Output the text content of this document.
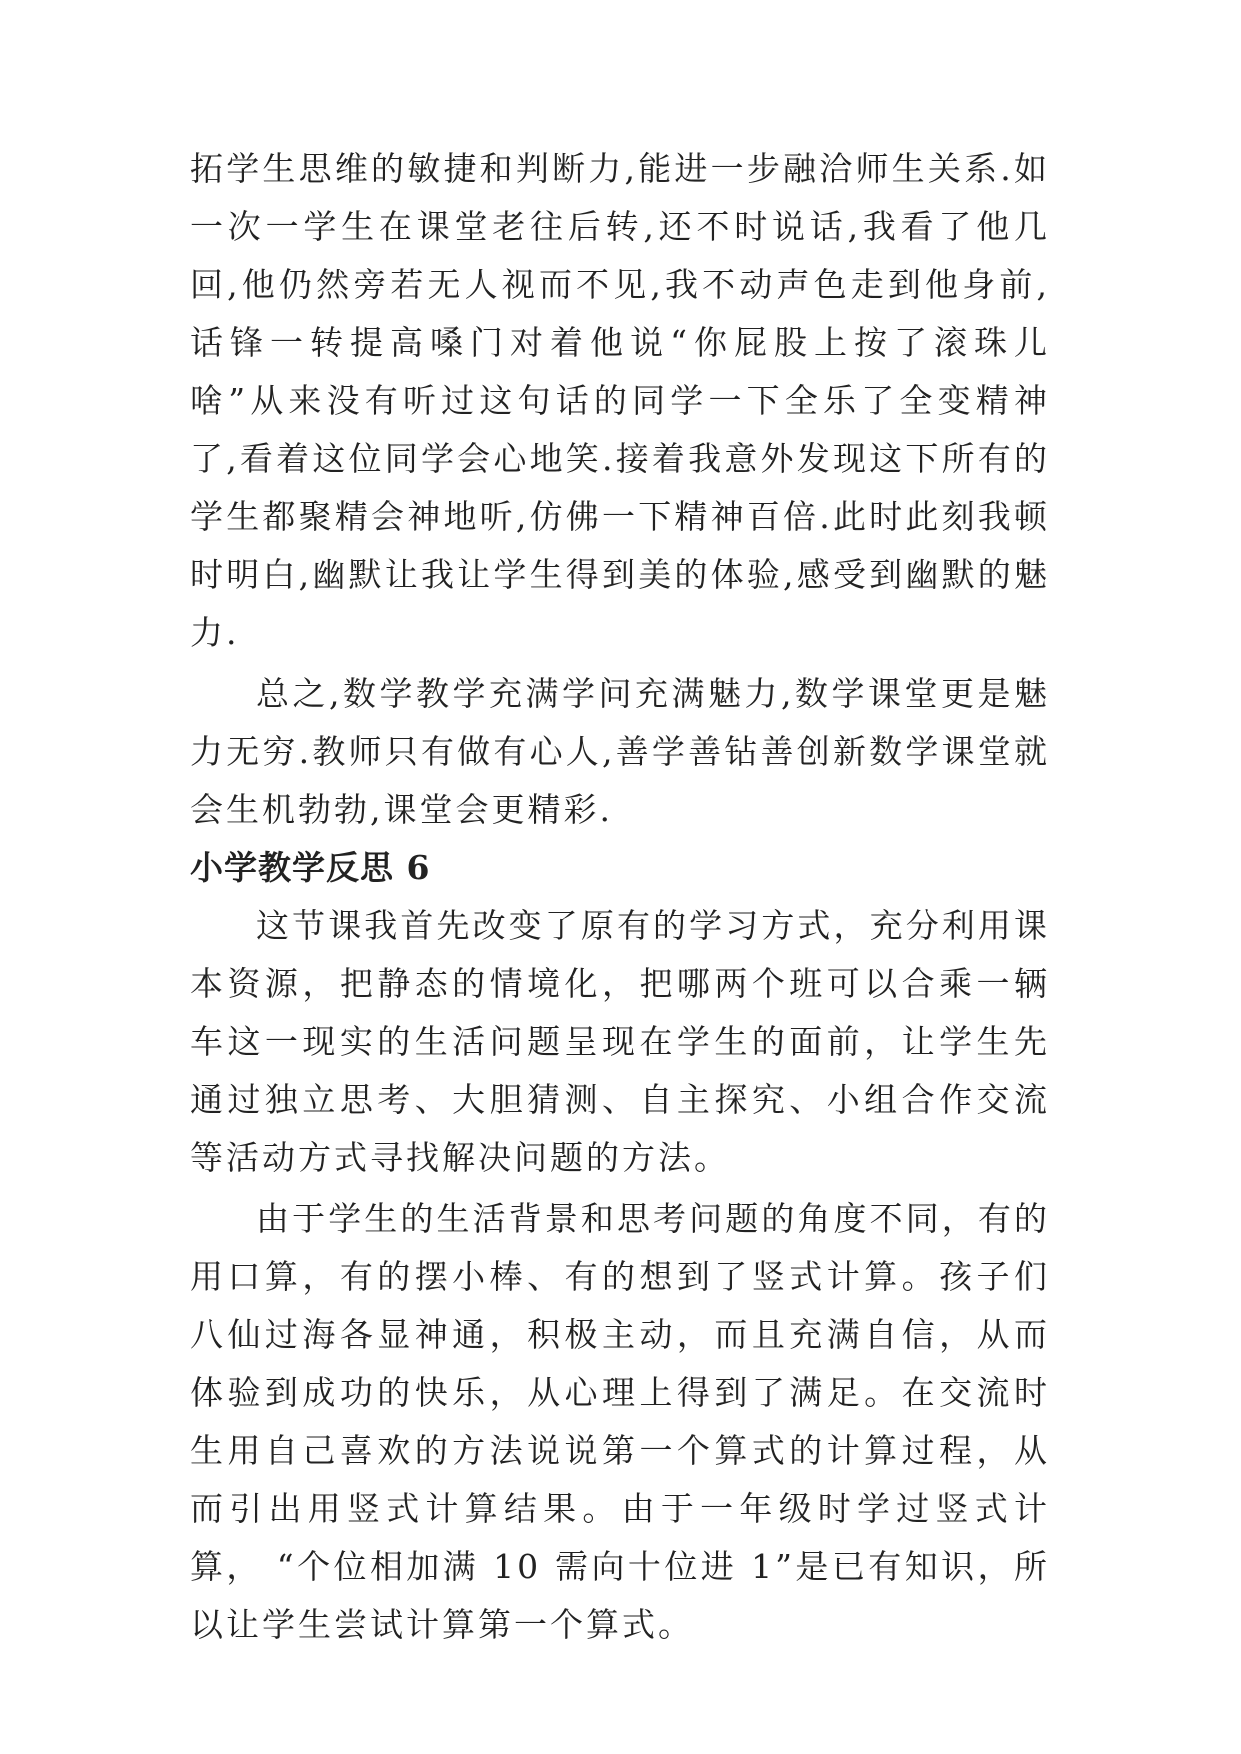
拓学生思维的敏捷和判断力,能进一步融洽师生关系.如一次一学生在课堂老往后转,还不时说话,我看了他几回,他仍然旁若无人视而不见,我不动声色走到他身前,话锋一转提高嗓门对着他说“你屁股上按了滚珠儿啥”从来没有听过这句话的同学一下全乐了全变精神了,看着这位同学会心地笑.接着我意外发现这下所有的学生都聚精会神地听,仿佛一下精神百倍.此时此刻我顿时明白,幽默让我让学生得到美的体验,感受到幽默的魅力.

总之,数学教学充满学问充满魅力,数学课堂更是魅力无穷.教师只有做有心人,善学善钻善创新数学课堂就会生机勃勃,课堂会更精彩.

小学教学反思 6

这节课我首先改变了原有的学习方式，充分利用课本资源，把静态的情境化，把哪两个班可以合乘一辆车这一现实的生活问题呈现在学生的面前，让学生先通过独立思考、大胆猜测、自主探究、小组合作交流等活动方式寻找解决问题的方法。

由于学生的生活背景和思考问题的角度不同，有的用口算，有的摆小棒、有的想到了竖式计算。孩子们八仙过海各显神通，积极主动，而且充满自信，从而体验到成功的快乐，从心理上得到了满足。在交流时生用自己喜欢的方法说说第一个算式的计算过程，从而引出用竖式计算结果。由于一年级时学过竖式计算， “个位相加满 10 需向十位进 1”是已有知识，所以让学生尝试计算第一个算式。
